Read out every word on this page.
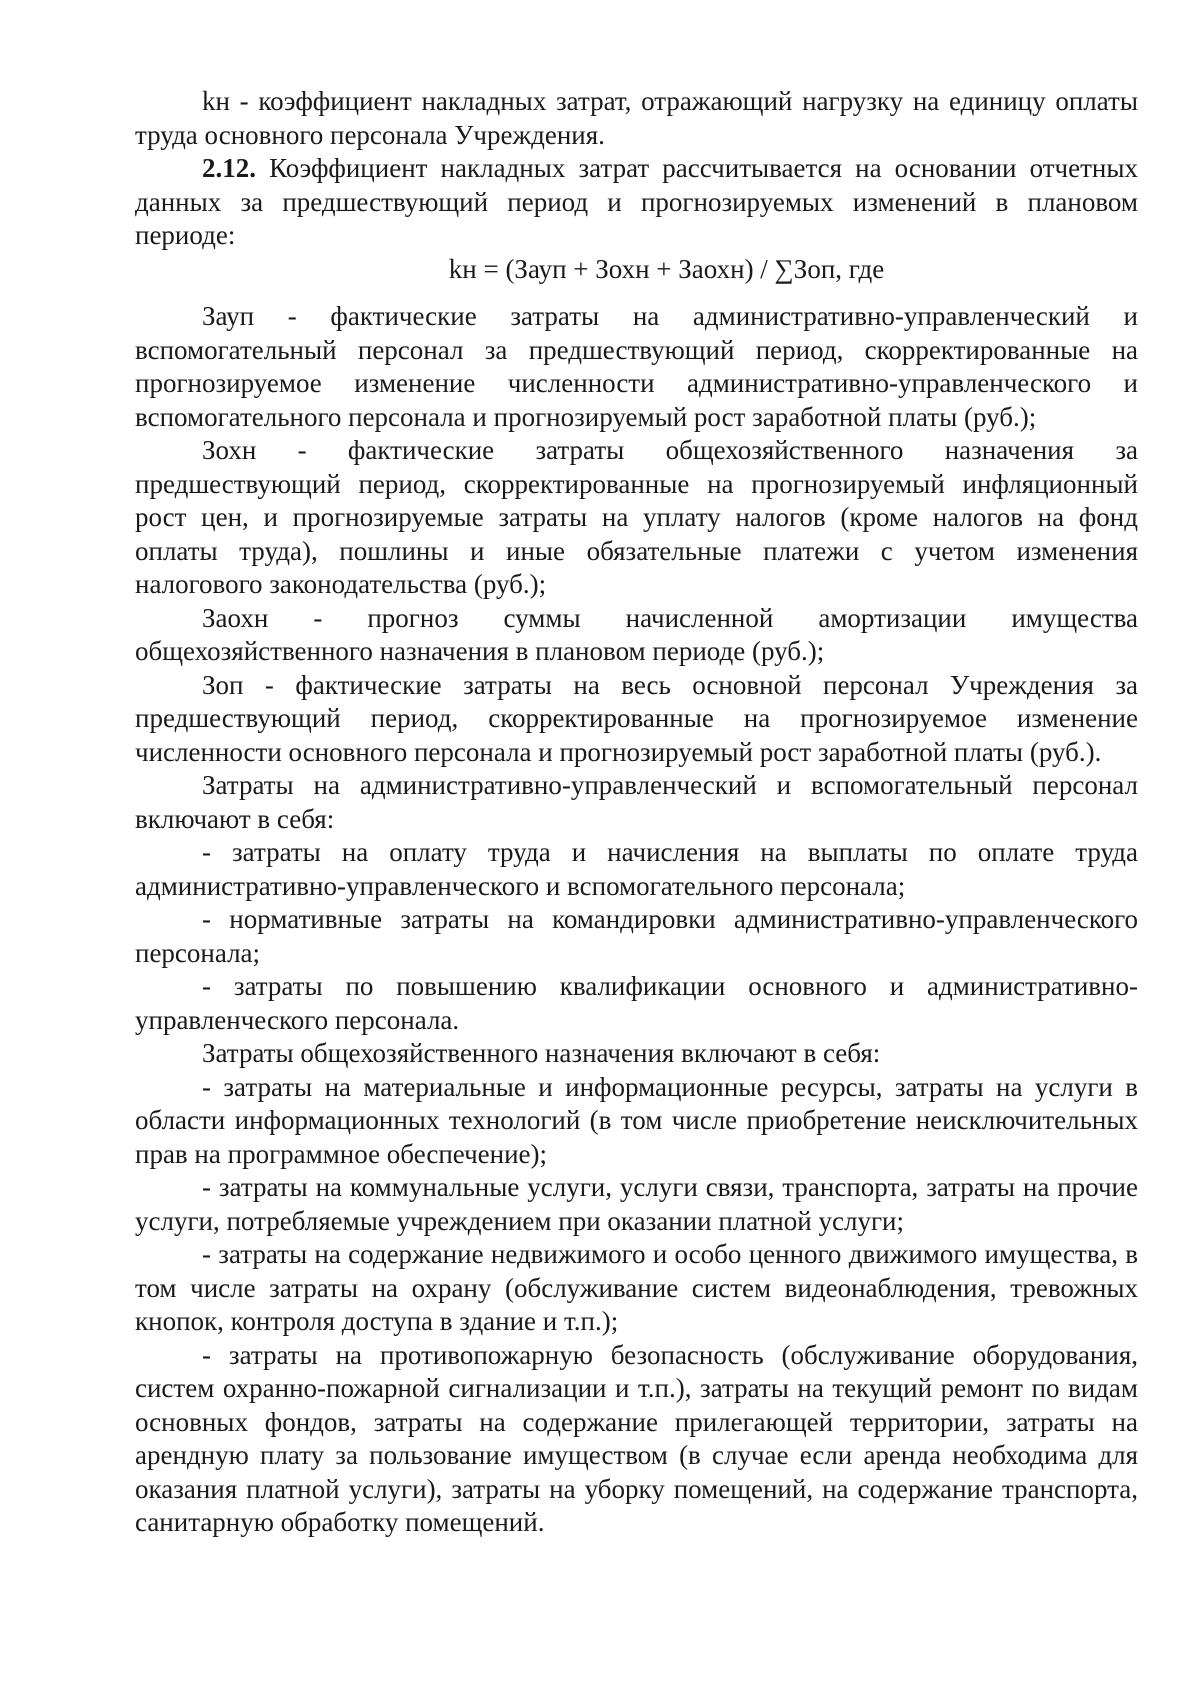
kн - коэффициент накладных затрат, отражающий нагрузку на единицу оплаты труда основного персонала Учреждения.

2.12. Коэффициент накладных затрат рассчитывается на основании отчетных данных за предшествующий период и прогнозируемых изменений в плановом периоде:

kн = (Зауп + Зохн + Заохн) / ∑Зоп, где

Зауп - фактические затраты на административно-управленческий и вспомогательный персонал за предшествующий период, скорректированные на прогнозируемое изменение численности административно-управленческого и вспомогательного персонала и прогнозируемый рост заработной платы (руб.);

Зохн - фактические затраты общехозяйственного назначения за предшествующий период, скорректированные на прогнозируемый инфляционный рост цен, и прогнозируемые затраты на уплату налогов (кроме налогов на фонд оплаты труда), пошлины и иные обязательные платежи с учетом изменения налогового законодательства (руб.);

Заохн - прогноз суммы начисленной амортизации имущества общехозяйственного назначения в плановом периоде (руб.);

Зоп - фактические затраты на весь основной персонал Учреждения за предшествующий период, скорректированные на прогнозируемое изменение численности основного персонала и прогнозируемый рост заработной платы (руб.).

Затраты на административно-управленческий и вспомогательный персонал включают в себя:

- затраты на оплату труда и начисления на выплаты по оплате труда административно-управленческого и вспомогательного персонала;

- нормативные затраты на командировки административно-управленческого персонала;

- затраты по повышению квалификации основного и административно-управленческого персонала.

Затраты общехозяйственного назначения включают в себя:

- затраты на материальные и информационные ресурсы, затраты на услуги в области информационных технологий (в том числе приобретение неисключительных прав на программное обеспечение);

- затраты на коммунальные услуги, услуги связи, транспорта, затраты на прочие услуги, потребляемые учреждением при оказании платной услуги;

- затраты на содержание недвижимого и особо ценного движимого имущества, в том числе затраты на охрану (обслуживание систем видеонаблюдения, тревожных кнопок, контроля доступа в здание и т.п.);

- затраты на противопожарную безопасность (обслуживание оборудования, систем охранно-пожарной сигнализации и т.п.), затраты на текущий ремонт по видам основных фондов, затраты на содержание прилегающей территории, затраты на арендную плату за пользование имуществом (в случае если аренда необходима для оказания платной услуги), затраты на уборку помещений, на содержание транспорта, санитарную обработку помещений.
